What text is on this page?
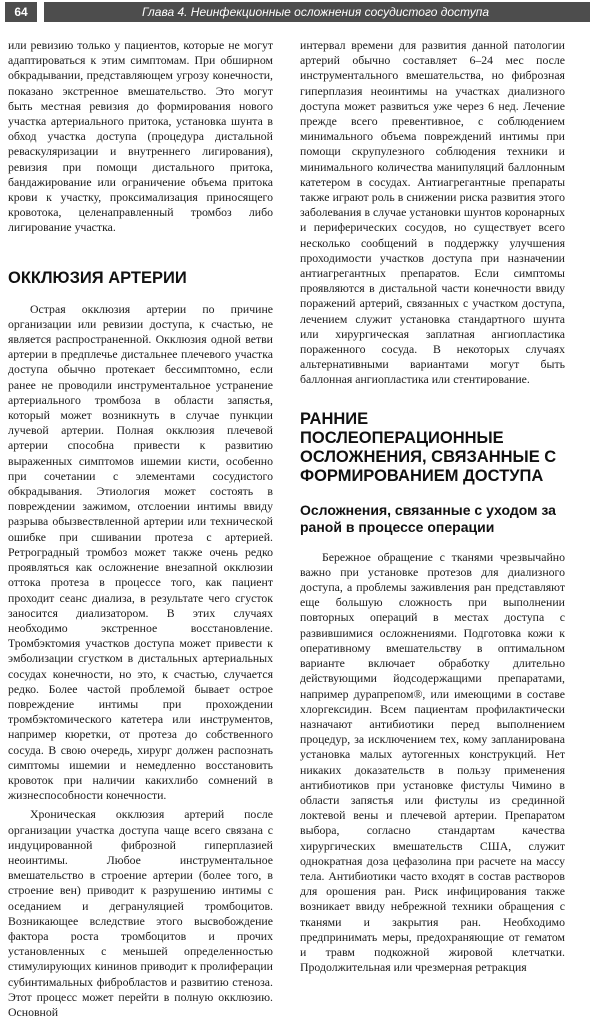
64	Глава 4. Неинфекционные осложнения сосудистого доступа

или ревизию только у пациентов, которые не могут адаптироваться к этим симптомам. При обширном обкрадывании, представляющем угрозу конечности, показано экстренное вмешательство. Это могут быть местная ревизия до формирования нового участка артериального притока, установка шунта в обход участка доступа (процедура дистальной реваскуляризации и внутреннего лигирования), ревизия при помощи дистального притока, бандажирование или ограничение объема притока крови к участку, проксимализация приносящего кровотока, целенаправленный тромбоз либо лигирование участка.

ОККЛЮЗИЯ АРТЕРИИ

Острая окклюзия артерии по причине организации или ревизии доступа, к счастью, не является распространенной. Окклюзия одной ветви артерии в предплечье дистальнее плечевого участка доступа обычно протекает бессимптомно, если ранее не проводили инструментальное устранение артериального тромбоза в области запястья, который может возникнуть в случае пункции лучевой артерии. Полная окклюзия плечевой артерии способна привести к развитию выраженных симптомов ишемии кисти, особенно при сочетании с элементами сосудистого обкрадывания. Этиология может состоять в повреждении зажимом, отслоении интимы ввиду разрыва обызвествленной артерии или технической ошибке при сшивании протеза с артерией. Ретроградный тромбоз может также очень редко проявляться как осложнение внезапной окклюзии оттока протеза в процессе того, как пациент проходит сеанс диализа, в результате чего сгусток заносится диализатором. В этих случаях необходимо экстренное восстановление. Тромбэктомия участков доступа может привести к эмболизации сгустком в дистальных артериальных сосудах конечности, но это, к счастью, случается редко. Более частой проблемой бывает острое повреждение интимы при прохождении тромбэктомического катетера или инструментов, например кюретки, от протеза до собственного сосуда. В свою очередь, хирург должен распознать симптомы ишемии и немедленно восстановить кровоток при наличии какихлибо сомнений в жизнеспособности конечности.

Хроническая окклюзия артерий после организации участка доступа чаще всего связана с индуцированной фиброзной гиперплазией неоинтимы. Любое инструментальное вмешательство в строение артерии (более того, в строение вен) приводит к разрушению интимы с оседанием и дегрануляцией тромбоцитов. Возникающее вследствие этого высвобождение фактора роста тромбоцитов и прочих установленных с меньшей определенностью стимулирующих кининов приводит к пролиферации субинтимальных фибробластов и развитию стеноза. Этот процесс может перейти в полную окклюзию. Основной

интервал времени для развития данной патологии артерий обычно составляет 6–24 мес после инструментального вмешательства, но фиброзная гиперплазия неоинтимы на участках диализного доступа может развиться уже через 6 нед. Лечение прежде всего превентивное, с соблюдением минимального объема повреждений интимы при помощи скрупулезного соблюдения техники и минимального количества манипуляций баллонным катетером в сосудах. Антиагрегантные препараты также играют роль в снижении риска развития этого заболевания в случае установки шунтов коронарных и периферических сосудов, но существует всего несколько сообщений в поддержку улучшения проходимости участков доступа при назначении антиагрегантных препаратов. Если симптомы проявляются в дистальной части конечности ввиду поражений артерий, связанных с участком доступа, лечением служит установка стандартного шунта или хирургическая заплатная ангиопластика пораженного сосуда. В некоторых случаях альтернативными вариантами могут быть баллонная ангиопластика или стентирование.

РАННИЕ ПОСЛЕОПЕРАЦИОННЫЕ ОСЛОЖНЕНИЯ, СВЯЗАННЫЕ С ФОРМИРОВАНИЕМ ДОСТУПА
Осложнения, связанные с уходом за раной в процессе операции

Бережное обращение с тканями чрезвычайно важно при установке протезов для диализного доступа, а проблемы заживления ран представляют еще большую сложность при выполнении повторных операций в местах доступа с развившимися осложнениями. Подготовка кожи к оперативному вмешательству в оптимальном варианте включает обработку длительно действующими йодсодержащими препаратами, например дурапрепом®, или имеющими в составе хлоргексидин. Всем пациентам профилактически назначают антибиотики перед выполнением процедур, за исключением тех, кому запланирована установка малых аутогенных конструкций. Нет никаких доказательств в пользу применения антибиотиков при установке фистулы Чимино в области запястья или фистулы из срединной локтевой вены и плечевой артерии. Препаратом выбора, согласно стандартам качества хирургических вмешательств США, служит однократная доза цефазолина при расчете на массу тела. Антибиотики часто входят в состав растворов для орошения ран. Риск инфицирования также возникает ввиду небрежной техники обращения с тканями и закрытия ран. Необходимо предпринимать меры, предохраняющие от гематом и травм подкожной жировой клетчатки. Продолжительная или чрезмерная ретракция
